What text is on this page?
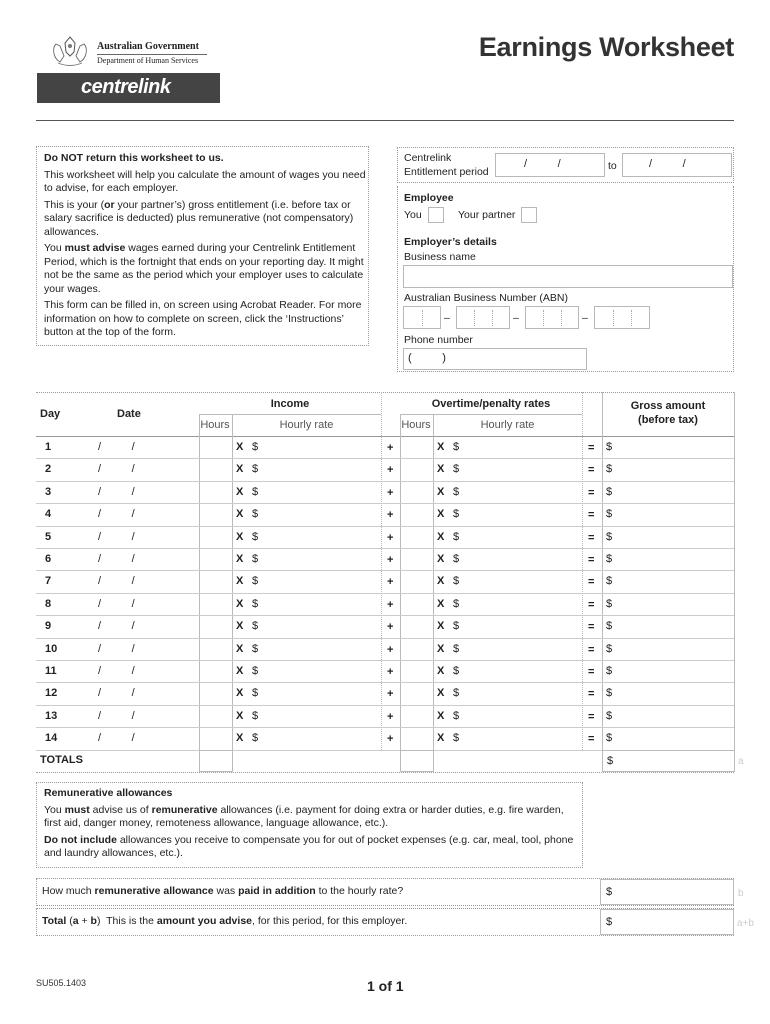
Australian Government
Department of Human Services
centrelink
Earnings Worksheet
Do NOT return this worksheet to us.
This worksheet will help you calculate the amount of wages you need to advise, for each employer.
This is your (or your partner’s) gross entitlement (i.e. before tax or salary sacrifice is deducted) plus remunerative (not compensatory) allowances.
You must advise wages earned during your Centrelink Entitlement Period, which is the fortnight that ends on your reporting day. It might not be the same as the period which your employer uses to calculate your wages.
This form can be filled in, on screen using Acrobat Reader. For more information on how to complete on screen, click the ‘Instructions’ button at the top of the form.
Centrelink
Entitlement period
/          /	to	/          /
Employee
You	Your partner
Employer’s details
Business name
Australian Business Number (ABN)
–	–	–
Phone number
(          )
Day	Date
Income	Overtime/penalty rates	Gross amount
(before tax)
Hours	Hourly rate	Hours	Hourly rate
1	/          /	X $	+	X $	= $
2	/          /	X $	+	X $	= $
3	/          /	X $	+	X $	= $
4	/          /	X $	+	X $	= $
5	/          /	X $	+	X $	= $
6	/          /	X $	+	X $	= $
7	/          /	X $	+	X $	= $
8	/          /	X $	+	X $	= $
9	/          /	X $	+	X $	= $
10	/          /	X $	+	X $	= $
11	/          /	X $	+	X $	= $
12	/          /	X $	+	X $	= $
13	/          /	X $	+	X $	= $
14	/          /	X $	+	X $	= $
TOTALS	$	a
Remunerative allowances
You must advise us of remunerative allowances (i.e. payment for doing extra or harder duties, e.g. fire warden, first aid, danger money, remoteness allowance, language allowance, etc.).
Do not include allowances you receive to compensate you for out of pocket expenses (e.g. car, meal, tool, phone and laundry allowances, etc.).
How much remunerative allowance was paid in addition to the hourly rate?	$	b
Total (a + b)  This is the amount you advise, for this period, for this employer.	$	a+b
SU505.1403	1 of 1
